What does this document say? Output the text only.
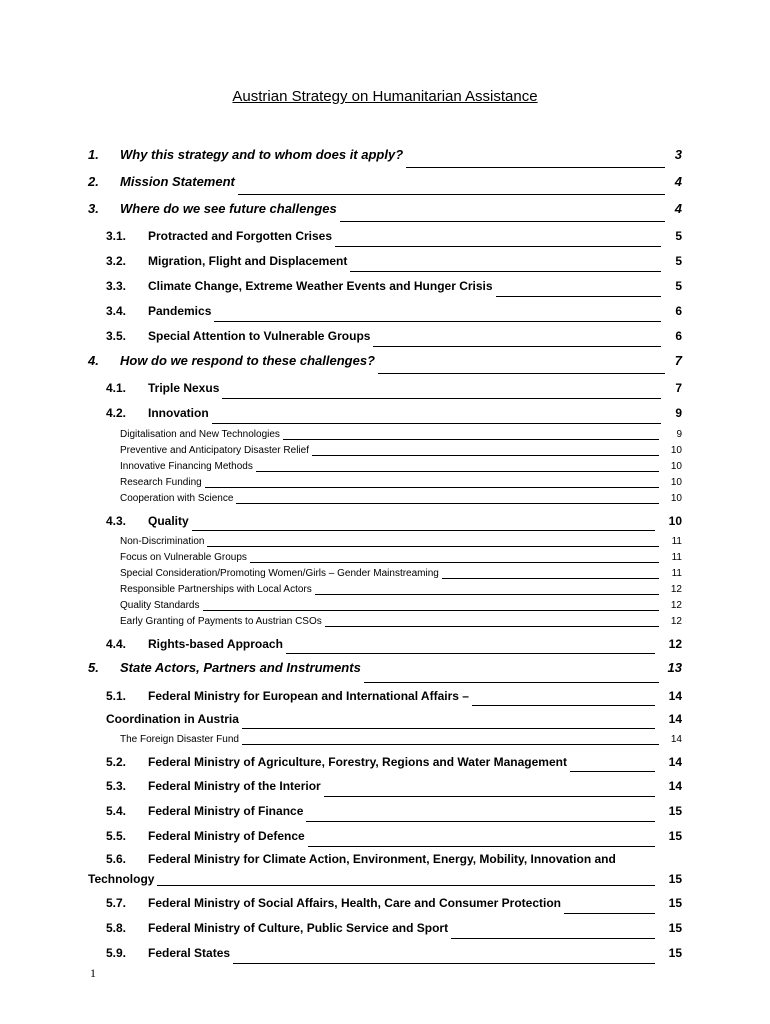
Austrian Strategy on Humanitarian Assistance
1.	Why this strategy and to whom does it apply?	3
2.	Mission Statement	4
3.	Where do we see future challenges	4
3.1.	Protracted and Forgotten Crises	5
3.2.	Migration, Flight and Displacement	5
3.3.	Climate Change, Extreme Weather Events and Hunger Crisis	5
3.4.	Pandemics	6
3.5.	Special Attention to Vulnerable Groups	6
4.	How do we respond to these challenges?	7
4.1.	Triple Nexus	7
4.2.	Innovation	9
Digitalisation and New Technologies	9
Preventive and Anticipatory Disaster Relief	10
Innovative Financing Methods	10
Research Funding	10
Cooperation with Science	10
4.3.	Quality	10
Non-Discrimination	11
Focus on Vulnerable Groups	11
Special Consideration/Promoting Women/Girls – Gender Mainstreaming	11
Responsible Partnerships with Local Actors	12
Quality Standards	12
Early Granting of Payments to Austrian CSOs	12
4.4.	Rights-based Approach	12
5.	State Actors, Partners and Instruments	13
5.1.	Federal Ministry for European and International Affairs –	14
Coordination in Austria	14
The Foreign Disaster Fund	14
5.2.	Federal Ministry of Agriculture, Forestry, Regions and Water Management	14
5.3.	Federal Ministry of the Interior	14
5.4.	Federal Ministry of Finance	15
5.5.	Federal Ministry of Defence	15
5.6. Federal Ministry for Climate Action, Environment, Energy, Mobility, Innovation and
Technology	15
5.7.	Federal Ministry of Social Affairs, Health, Care and Consumer Protection	15
5.8.	Federal Ministry of Culture, Public Service and Sport	15
5.9.	Federal States	15
1
